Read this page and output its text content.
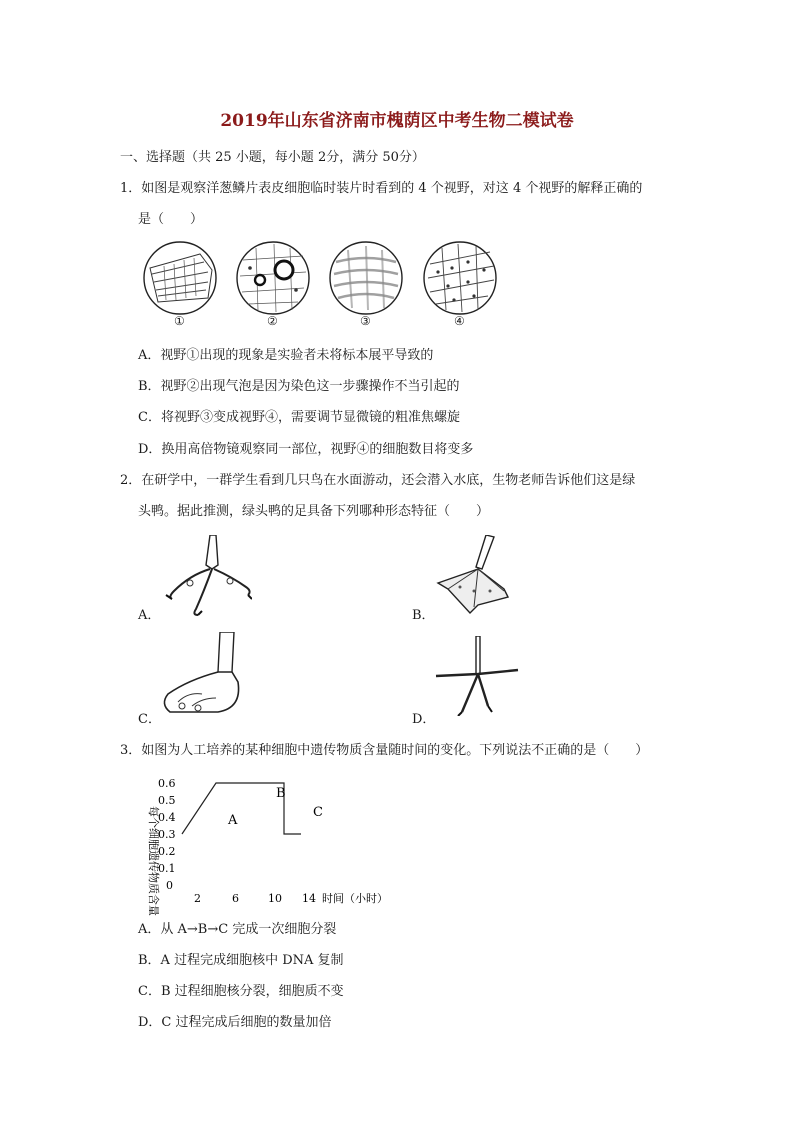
2019年山东省济南市槐荫区中考生物二模试卷
一、选择题（共 25 小题，每小题 2分，满分 50分）
1．如图是观察洋葱鳞片表皮细胞临时装片时看到的 4 个视野，对这 4 个视野的解释正确的
是（　　）
①	②	③	④
A．视野①出现的现象是实验者未将标本展平导致的
B．视野②出现气泡是因为染色这一步骤操作不当引起的
C．将视野③变成视野④，需要调节显微镜的粗准焦螺旋
D．换用高倍物镜观察同一部位，视野④的细胞数目将变多
2．在研学中，一群学生看到几只鸟在水面游动，还会潜入水底，生物老师告诉他们这是绿
头鸭。据此推测，绿头鸭的足具备下列哪种形态特征（　　）
A．	B．
C．	D．
3．如图为人工培养的某种细胞中遗传物质含量随时间的变化。下列说法不正确的是（　　）
每个细胞遗传物质含量
0.6
0.5
0.4
0.3
0.2
0.1
0
A
B
C
2	6	10 14 时间（小时）
A．从 A→B→C 完成一次细胞分裂
B．A 过程完成细胞核中 DNA 复制
C．B 过程细胞核分裂，细胞质不变
D．C 过程完成后细胞的数量加倍
